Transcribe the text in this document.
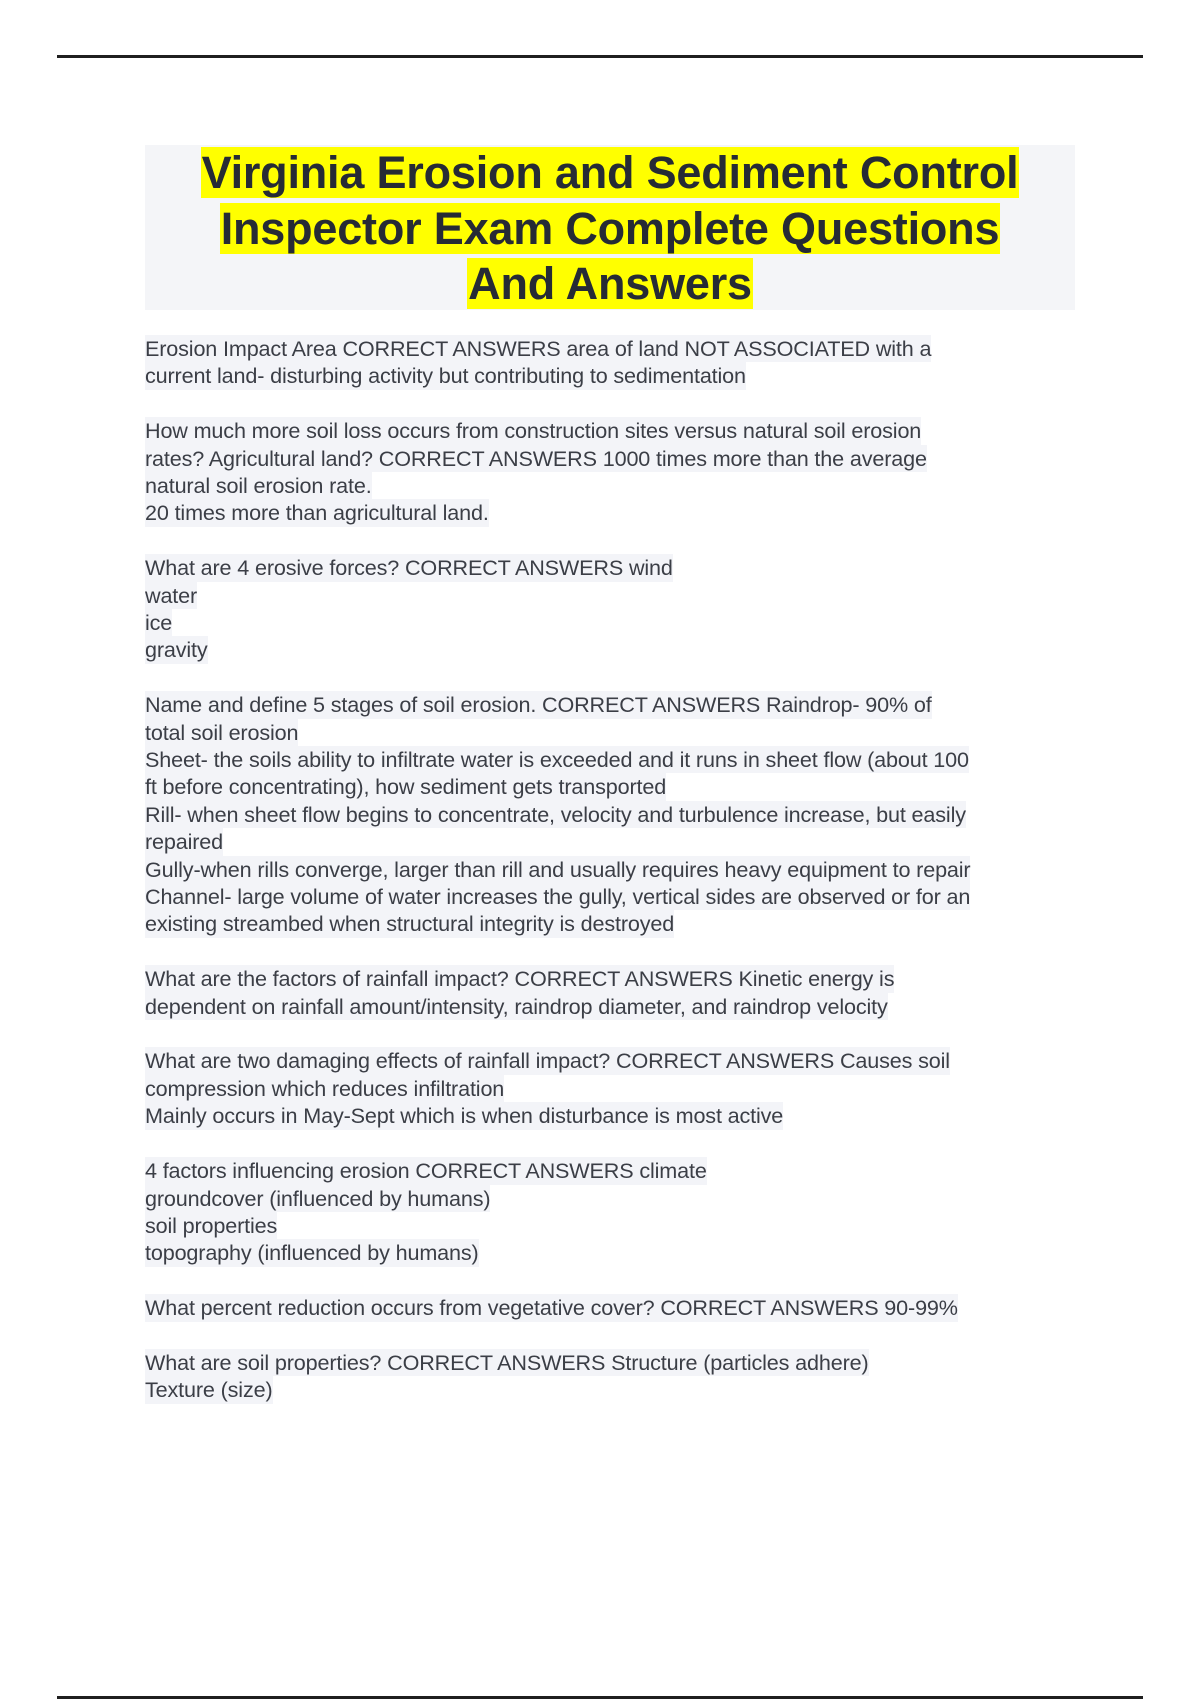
Virginia Erosion and Sediment Control
Inspector Exam Complete Questions
And Answers
Erosion Impact Area CORRECT ANSWERS area of land NOT ASSOCIATED with a
current land- disturbing activity but contributing to sedimentation
How much more soil loss occurs from construction sites versus natural soil erosion
rates? Agricultural land? CORRECT ANSWERS 1000 times more than the average
natural soil erosion rate.
20 times more than agricultural land.
What are 4 erosive forces? CORRECT ANSWERS wind
water
ice
gravity
Name and define 5 stages of soil erosion. CORRECT ANSWERS Raindrop- 90% of
total soil erosion
Sheet- the soils ability to infiltrate water is exceeded and it runs in sheet flow (about 100
ft before concentrating), how sediment gets transported
Rill- when sheet flow begins to concentrate, velocity and turbulence increase, but easily
repaired
Gully-when rills converge, larger than rill and usually requires heavy equipment to repair
Channel- large volume of water increases the gully, vertical sides are observed or for an
existing streambed when structural integrity is destroyed
What are the factors of rainfall impact? CORRECT ANSWERS Kinetic energy is
dependent on rainfall amount/intensity, raindrop diameter, and raindrop velocity
What are two damaging effects of rainfall impact? CORRECT ANSWERS Causes soil
compression which reduces infiltration
Mainly occurs in May-Sept which is when disturbance is most active
4 factors influencing erosion CORRECT ANSWERS climate
groundcover (influenced by humans)
soil properties
topography (influenced by humans)
What percent reduction occurs from vegetative cover? CORRECT ANSWERS 90-99%
What are soil properties? CORRECT ANSWERS Structure (particles adhere)
Texture (size)
